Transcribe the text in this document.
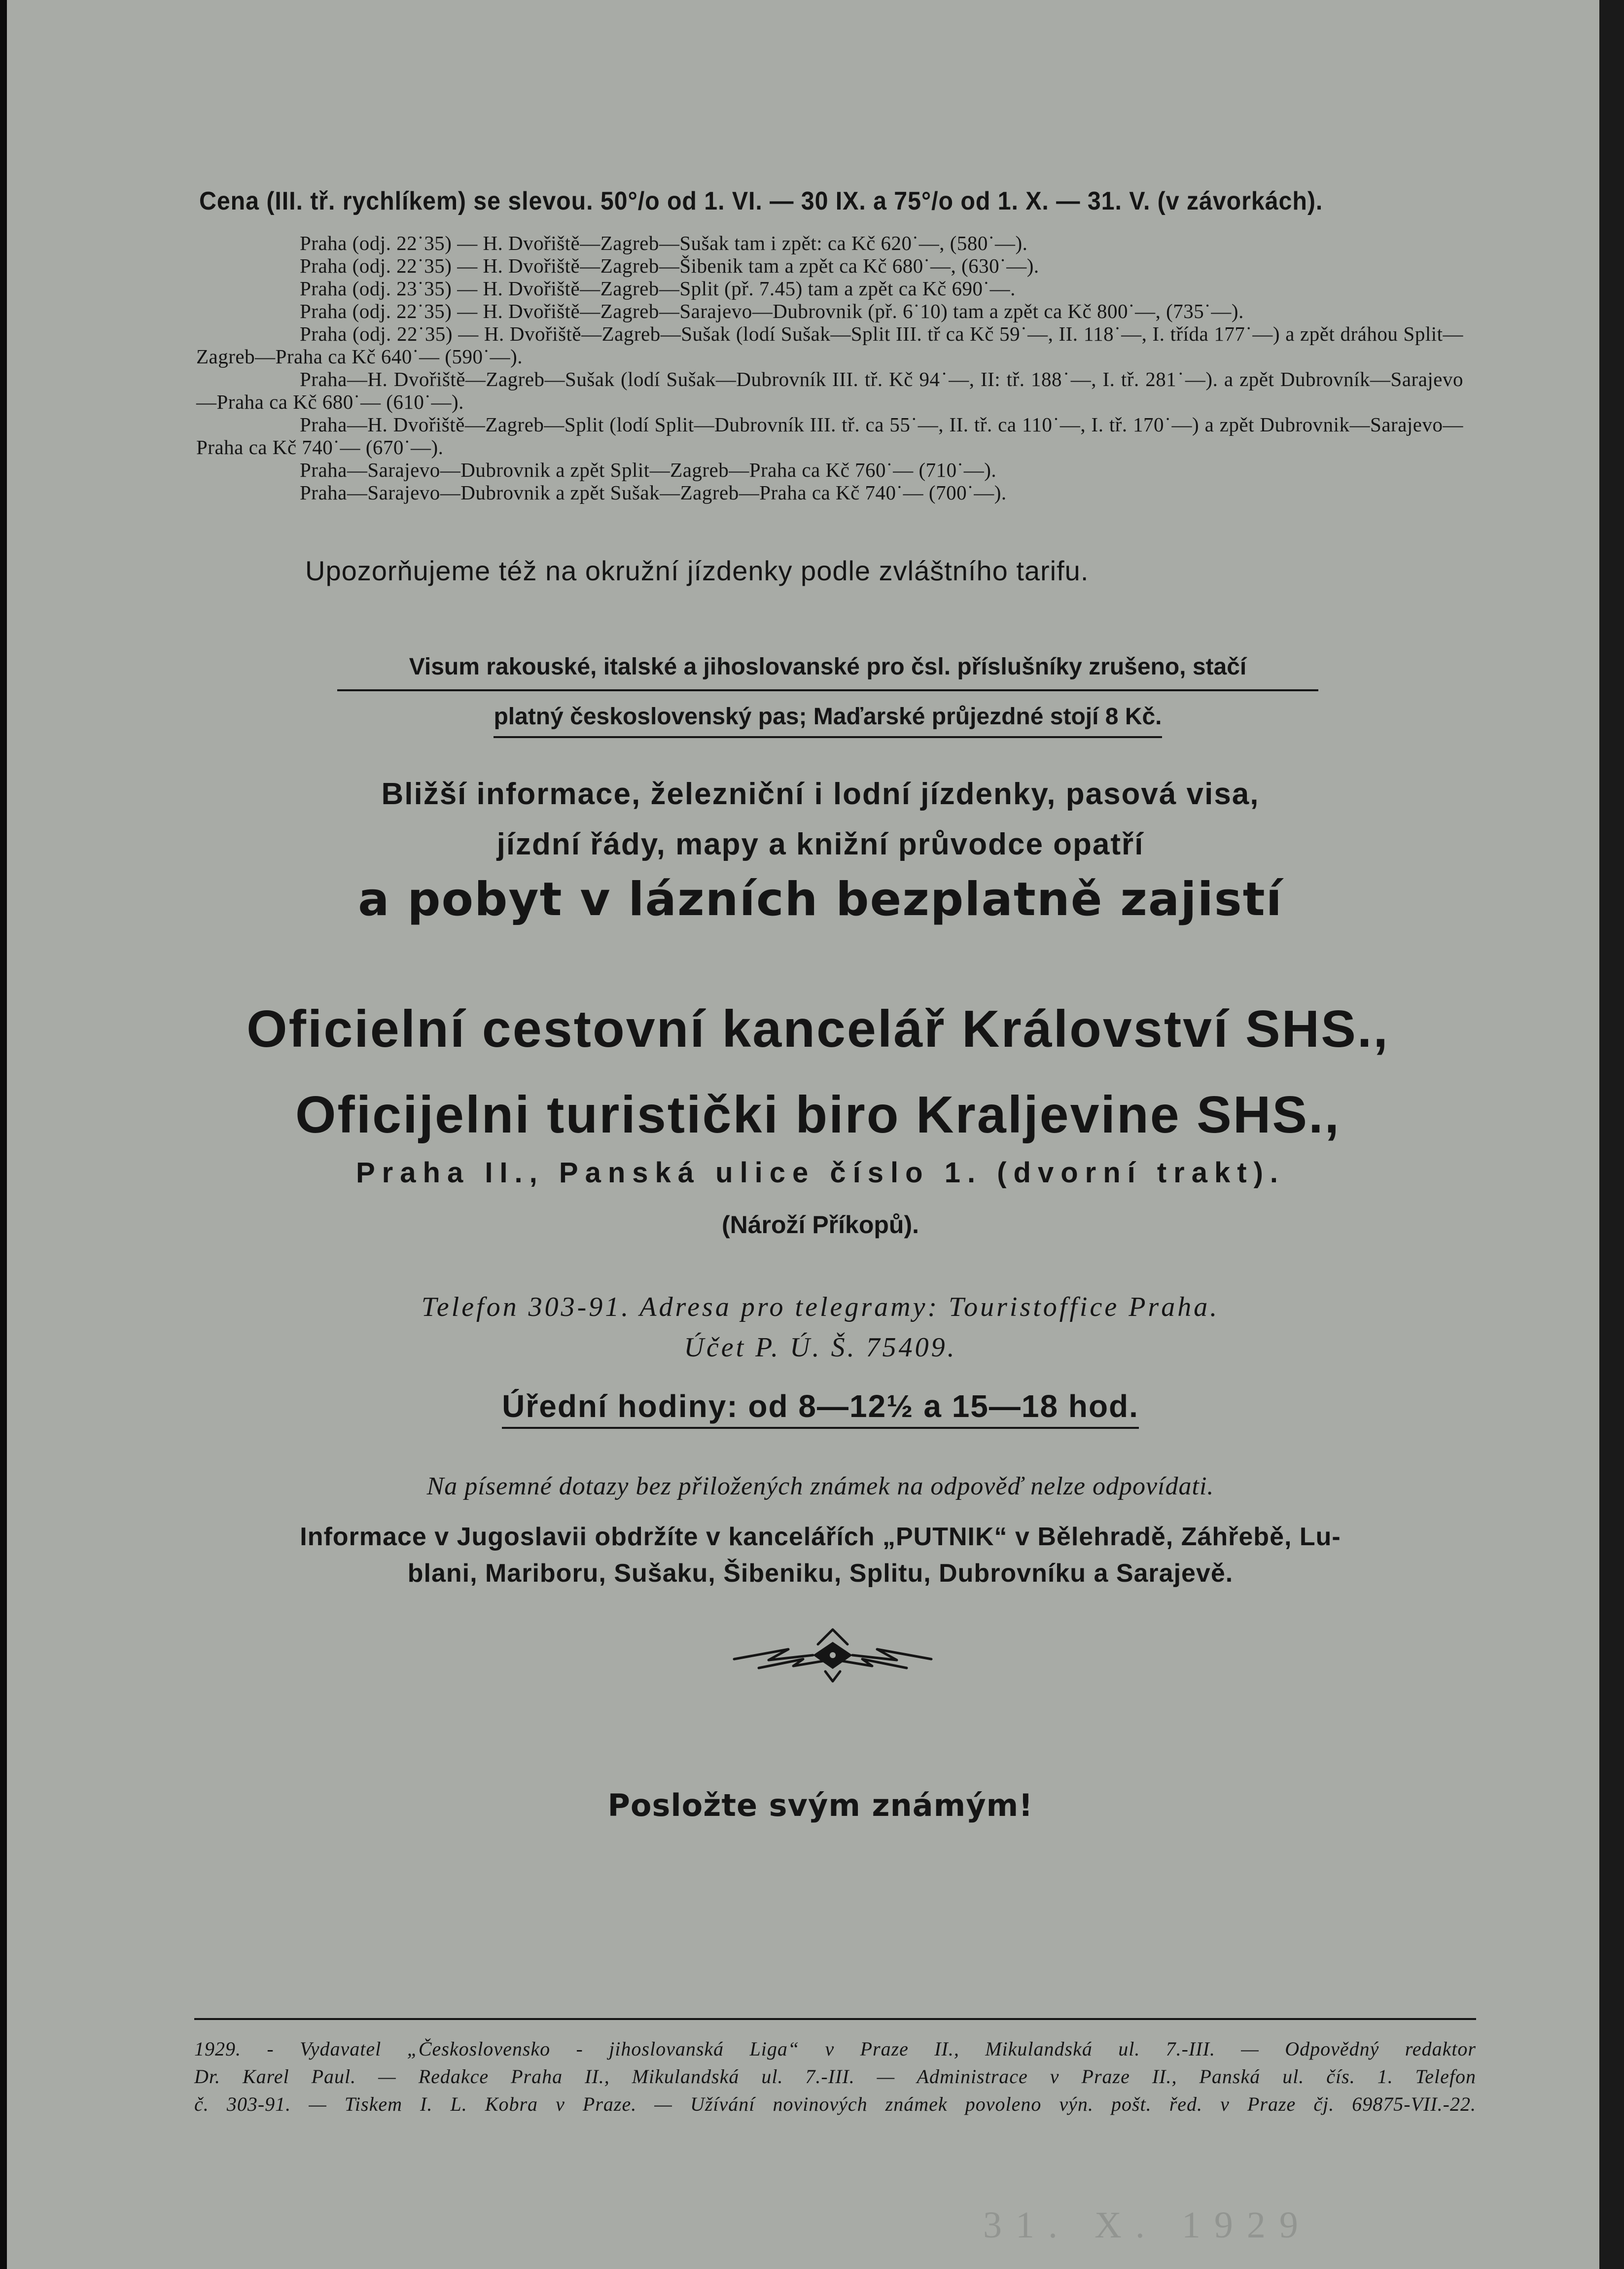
Cena (III. tř. rychlíkem) se slevou. 50°/o od 1. VI. — 30 IX. a 75°/o od 1. X. — 31. V. (v závorkách).
Praha (odj. 22˙35) — H. Dvořiště—Zagreb—Sušak tam i zpět: ca Kč 620˙—, (580˙—).
Praha (odj. 22˙35) — H. Dvořiště—Zagreb—Šibenik tam a zpět ca Kč 680˙—, (630˙—).
Praha (odj. 23˙35) — H. Dvořiště—Zagreb—Split (př. 7.45) tam a zpět ca Kč 690˙—.
Praha (odj. 22˙35) — H. Dvořiště—Zagreb—Sarajevo—Dubrovnik (př. 6˙10) tam a zpět ca Kč 800˙—, (735˙—).
Praha (odj. 22˙35) — H. Dvořiště—Zagreb—Sušak (lodí Sušak—Split III. tř ca Kč 59˙—, II. 118˙—, I. třída 177˙—) a zpět dráhou Split—Zagreb—Praha ca Kč 640˙— (590˙—).
Praha—H. Dvořiště—Zagreb—Sušak (lodí Sušak—Dubrovník III. tř. Kč 94˙—, II: tř. 188˙—, I. tř. 281˙—). a zpět Dubrovník—Sarajevo—Praha ca Kč 680˙— (610˙—).
Praha—H. Dvořiště—Zagreb—Split (lodí Split—Dubrovník III. tř. ca 55˙—, II. tř. ca 110˙—, I. tř. 170˙—) a zpět Dubrovnik—Sarajevo—Praha ca Kč 740˙— (670˙—).
Praha—Sarajevo—Dubrovnik a zpět Split—Zagreb—Praha ca Kč 760˙— (710˙—).
Praha—Sarajevo—Dubrovnik a zpět Sušak—Zagreb—Praha ca Kč 740˙— (700˙—).
Upozorňujeme též na okružní jízdenky podle zvláštního tarifu.
Visum rakouské, italské a jihoslovanské pro čsl. příslušníky zrušeno, stačí
platný československý pas; Maďarské průjezdné stojí 8 Kč.
Bližší informace, železniční i lodní jízdenky, pasová visa,
jízdní řády, mapy a knižní průvodce opatří
a pobyt v lázních bezplatně zajistí
Oficielní cestovní kancelář Království SHS.,
Oficijelni turistički biro Kraljevine SHS.,
Praha II., Panská ulice číslo 1. (dvorní trakt).
(Nároží Příkopů).
Telefon 303-91. Adresa pro telegramy: Touristoffice Praha.
Účet P. Ú. Š. 75409.
Úřední hodiny: od 8—12½ a 15—18 hod.
Na písemné dotazy bez přiložených známek na odpověď nelze odpovídati.
Informace v Jugoslavii obdržíte v kancelářích „PUTNIK“ v Bělehradě, Záhřebě, Lu-
blani, Mariboru, Sušaku, Šibeniku, Splitu, Dubrovníku a Sarajevě.
Posložte svým známým!
1929. - Vydavatel „Československo - jihoslovanská Liga“ v Praze II., Mikulandská ul. 7.-III. — Odpovědný redaktor
Dr. Karel Paul. — Redakce Praha II., Mikulandská ul. 7.-III. — Administrace v Praze II., Panská ul. čís. 1. Telefon
č. 303-91. — Tiskem I. L. Kobra v Praze. — Užívání novinových známek povoleno výn. pošt. řed. v Praze čj. 69875-VII.-22.
31. X. 1929
